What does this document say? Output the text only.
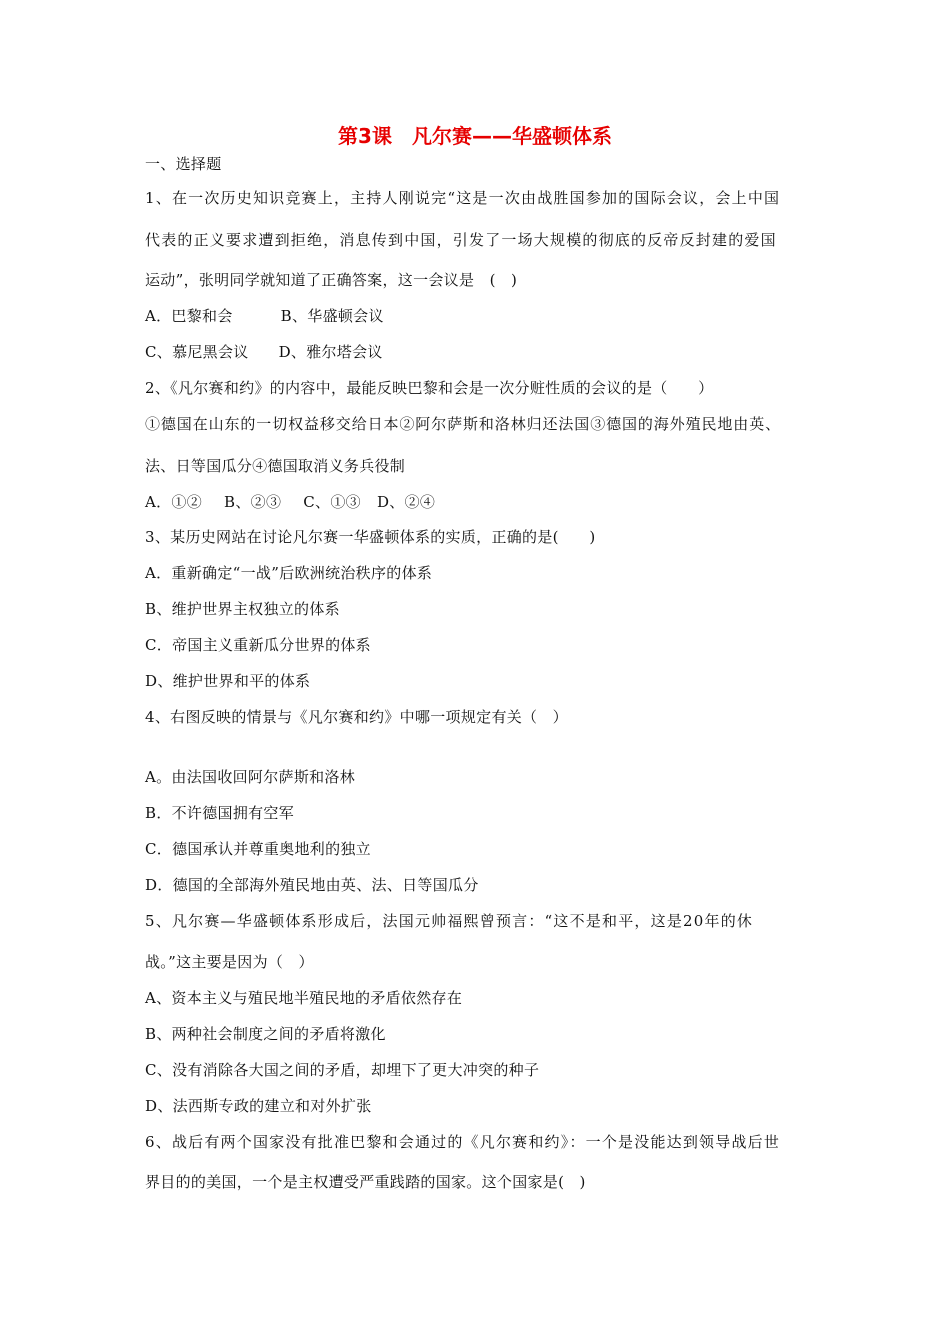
第3课　凡尔赛——华盛顿体系
一、选择题
1、在一次历史知识竞赛上，主持人刚说完“这是一次由战胜国参加的国际会议，会上中国
代表的正义要求遭到拒绝，消息传到中国，引发了一场大规模的彻底的反帝反封建的爱国
运动”，张明同学就知道了正确答案，这一会议是　(　)
A．巴黎和会	B、华盛顿会议
C、慕尼黑会议 D、雅尔塔会议
2、《凡尔赛和约》的内容中，最能反映巴黎和会是一次分赃性质的会议的是（　　）
①德国在山东的一切权益移交给日本②阿尔萨斯和洛林归还法国③德国的海外殖民地由英、
法、日等国瓜分④德国取消义务兵役制
A．①② B、②③ C、①③ D、②④
3、某历史网站在讨论凡尔赛一华盛顿体系的实质，正确的是(　　)
A．重新确定“一战”后欧洲统治秩序的体系
B、维护世界主权独立的体系
C．帝国主义重新瓜分世界的体系
D、维护世界和平的体系
4、右图反映的情景与《凡尔赛和约》中哪一项规定有关（　）
A。由法国收回阿尔萨斯和洛林
B．不许德国拥有空军
C．德国承认并尊重奥地利的独立
D．德国的全部海外殖民地由英、法、日等国瓜分
5、凡尔赛—华盛顿体系形成后，法国元帅福熙曾预言：“这不是和平，这是20年的休
战。”这主要是因为（　）
A、资本主义与殖民地半殖民地的矛盾依然存在
B、两种社会制度之间的矛盾将激化
C、没有消除各大国之间的矛盾，却埋下了更大冲突的种子
D、法西斯专政的建立和对外扩张
6、战后有两个国家没有批准巴黎和会通过的《凡尔赛和约》：一个是没能达到领导战后世
界目的的美国，一个是主权遭受严重践踏的国家。这个国家是(　)
